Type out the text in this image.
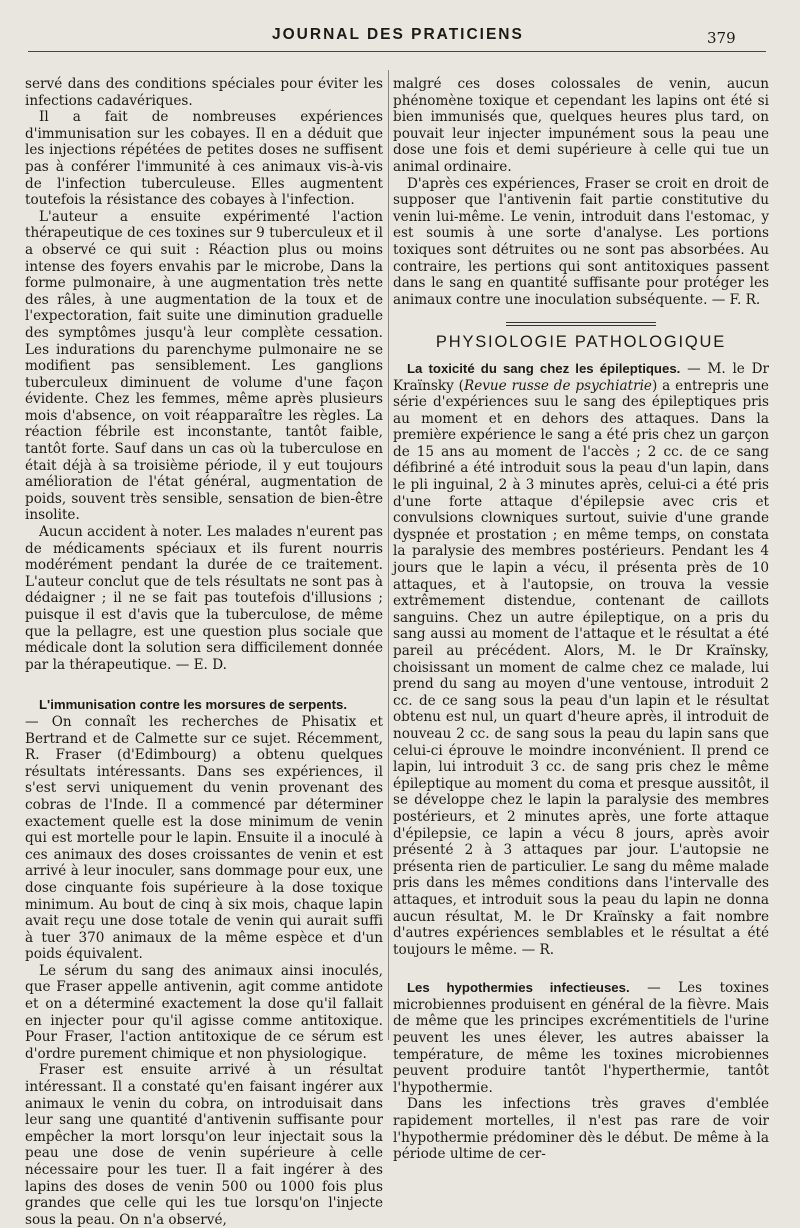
JOURNAL DES PRATICIENS	379

servé dans des conditions spéciales pour éviter les infections cadavériques.

Il a fait de nombreuses expériences d'immunisation sur les cobayes. Il en a déduit que les injections répétées de petites doses ne suffisent pas à conférer l'immunité à ces animaux vis-à-vis de l'infection tuberculeuse. Elles augmentent toutefois la résistance des cobayes à l'infection.

L'auteur a ensuite expérimenté l'action thérapeutique de ces toxines sur 9 tuberculeux et il a observé ce qui suit : Réaction plus ou moins intense des foyers envahis par le microbe, Dans la forme pulmonaire, à une augmentation très nette des râles, à une augmentation de la toux et de l'expectoration, fait suite une diminution graduelle des symptômes jusqu'à leur complète cessation. Les indurations du parenchyme pulmonaire ne se modifient pas sensiblement. Les ganglions tuberculeux diminuent de volume d'une façon évidente. Chez les femmes, même après plusieurs mois d'absence, on voit réapparaître les règles. La réaction fébrile est inconstante, tantôt faible, tantôt forte. Sauf dans un cas où la tuberculose en était déjà à sa troisième période, il y eut toujours amélioration de l'état général, augmentation de poids, souvent très sensible, sensation de bien-être insolite.

Aucun accident à noter. Les malades n'eurent pas de médicaments spéciaux et ils furent nourris modérément pendant la durée de ce traitement. L'auteur conclut que de tels résultats ne sont pas à dédaigner ; il ne se fait pas toutefois d'illusions ; puisque il est d'avis que la tuberculose, de même que la pellagre, est une question plus sociale que médicale dont la solution sera difficilement donnée par la thérapeutique. — E. D.

L'immunisation contre les morsures de serpents.
— On connaît les recherches de Phisatix et Bertrand et de Calmette sur ce sujet. Récemment, R. Fraser (d'Edimbourg) a obtenu quelques résultats intéressants. Dans ses expériences, il s'est servi uniquement du venin provenant des cobras de l'Inde. Il a commencé par déterminer exactement quelle est la dose minimum de venin qui est mortelle pour le lapin. Ensuite il a inoculé à ces animaux des doses croissantes de venin et est arrivé à leur inoculer, sans dommage pour eux, une dose cinquante fois supérieure à la dose toxique minimum. Au bout de cinq à six mois, chaque lapin avait reçu une dose totale de venin qui aurait suffi à tuer 370 animaux de la même espèce et d'un poids équivalent.

Le sérum du sang des animaux ainsi inoculés, que Fraser appelle antivenin, agit comme antidote et on a déterminé exactement la dose qu'il fallait en injecter pour qu'il agisse comme antitoxique. Pour Fraser, l'action antitoxique de ce sérum est d'ordre purement chimique et non physiologique.

Fraser est ensuite arrivé à un résultat intéressant. Il a constaté qu'en faisant ingérer aux animaux le venin du cobra, on introduisait dans leur sang une quantité d'antivenin suffisante pour empêcher la mort lorsqu'on leur injectait sous la peau une dose de venin supérieure à celle nécessaire pour les tuer. Il a fait ingérer à des lapins des doses de venin 500 ou 1000 fois plus grandes que celle qui les tue lorsqu'on l'injecte sous la peau. On n'a observé,

malgré ces doses colossales de venin, aucun phénomène toxique et cependant les lapins ont été si bien immunisés que, quelques heures plus tard, on pouvait leur injecter impunément sous la peau une dose une fois et demi supérieure à celle qui tue un animal ordinaire.

D'après ces expériences, Fraser se croit en droit de supposer que l'antivenin fait partie constitutive du venin lui-même. Le venin, introduit dans l'estomac, y est soumis à une sorte d'analyse. Les portions toxiques sont détruites ou ne sont pas absorbées. Au contraire, les pertions qui sont antitoxiques passent dans le sang en quantité suffisante pour protéger les animaux contre une inoculation subséquente. — F. R.

PHYSIOLOGIE PATHOLOGIQUE

La toxicité du sang chez les épileptiques. — M. le Dr Kraïnsky (Revue russe de psychiatrie) a entrepris une série d'expériences suu le sang des épileptiques pris au moment et en dehors des attaques. Dans la première expérience le sang a été pris chez un garçon de 15 ans au moment de l'accès ; 2 cc. de ce sang défibriné a été introduit sous la peau d'un lapin, dans le pli inguinal, 2 à 3 minutes après, celui-ci a été pris d'une forte attaque d'épilepsie avec cris et convulsions clowniques surtout, suivie d'une grande dyspnée et prostation ; en même temps, on constata la paralysie des membres postérieurs. Pendant les 4 jours que le lapin a vécu, il présenta près de 10 attaques, et à l'autopsie, on trouva la vessie extrêmement distendue, contenant de caillots sanguins. Chez un autre épileptique, on a pris du sang aussi au moment de l'attaque et le résultat a été pareil au précédent. Alors, M. le Dr Kraïnsky, choisissant un moment de calme chez ce malade, lui prend du sang au moyen d'une ventouse, introduit 2 cc. de ce sang sous la peau d'un lapin et le résultat obtenu est nul, un quart d'heure après, il introduit de nouveau 2 cc. de sang sous la peau du lapin sans que celui-ci éprouve le moindre inconvénient. Il prend ce lapin, lui introduit 3 cc. de sang pris chez le même épileptique au moment du coma et presque aussitôt, il se développe chez le lapin la paralysie des membres postérieurs, et 2 minutes après, une forte attaque d'épilepsie, ce lapin a vécu 8 jours, après avoir présenté 2 à 3 attaques par jour. L'autopsie ne présenta rien de particulier. Le sang du même malade pris dans les mêmes conditions dans l'intervalle des attaques, et introduit sous la peau du lapin ne donna aucun résultat, M. le Dr Kraïnsky a fait nombre d'autres expériences semblables et le résultat a été toujours le même. — R.

Les hypothermies infectieuses. — Les toxines microbiennes produisent en général de la fièvre. Mais de même que les principes excrémentitiels de l'urine peuvent les unes élever, les autres abaisser la température, de même les toxines microbiennes peuvent produire tantôt l'hyperthermie, tantôt l'hypothermie.

Dans les infections très graves d'emblée rapidement mortelles, il n'est pas rare de voir l'hypothermie prédominer dès le début. De même à la période ultime de cer-
